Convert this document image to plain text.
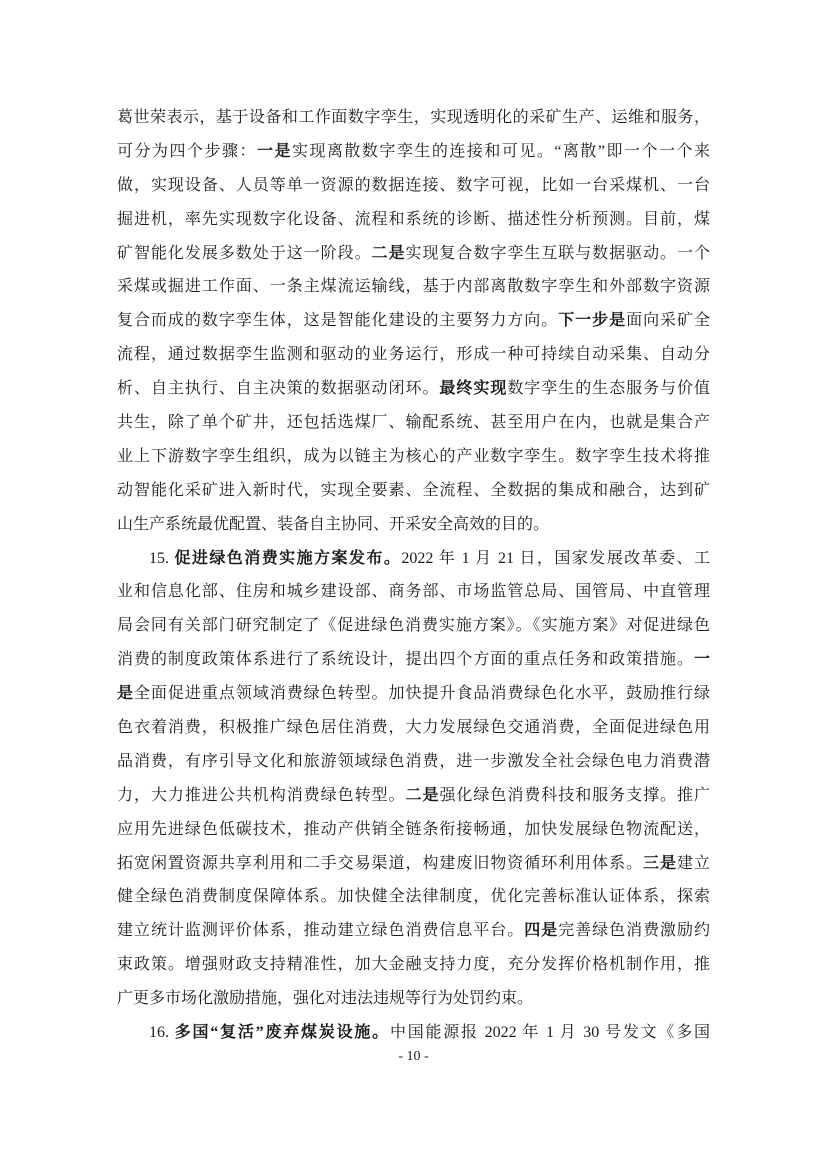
葛世荣表示，基于设备和工作面数字孪生，实现透明化的采矿生产、运维和服务，
可分为四个步骤：一是实现离散数字孪生的连接和可见。“离散”即一个一个来
做，实现设备、人员等单一资源的数据连接、数字可视，比如一台采煤机、一台
掘进机，率先实现数字化设备、流程和系统的诊断、描述性分析预测。目前，煤
矿智能化发展多数处于这一阶段。二是实现复合数字孪生互联与数据驱动。一个
采煤或掘进工作面、一条主煤流运输线，基于内部离散数字孪生和外部数字资源
复合而成的数字孪生体，这是智能化建设的主要努力方向。下一步是面向采矿全
流程，通过数据孪生监测和驱动的业务运行，形成一种可持续自动采集、自动分
析、自主执行、自主决策的数据驱动闭环。最终实现数字孪生的生态服务与价值
共生，除了单个矿井，还包括选煤厂、输配系统、甚至用户在内，也就是集合产
业上下游数字孪生组织，成为以链主为核心的产业数字孪生。数字孪生技术将推
动智能化采矿进入新时代，实现全要素、全流程、全数据的集成和融合，达到矿
山生产系统最优配置、装备自主协同、开采安全高效的目的。
15. 促进绿色消费实施方案发布。2022 年 1 月 21 日，国家发展改革委、工
业和信息化部、住房和城乡建设部、商务部、市场监管总局、国管局、中直管理
局会同有关部门研究制定了《促进绿色消费实施方案》。《实施方案》对促进绿色
消费的制度政策体系进行了系统设计，提出四个方面的重点任务和政策措施。一
是全面促进重点领域消费绿色转型。加快提升食品消费绿色化水平，鼓励推行绿
色衣着消费，积极推广绿色居住消费，大力发展绿色交通消费，全面促进绿色用
品消费，有序引导文化和旅游领域绿色消费，进一步激发全社会绿色电力消费潜
力，大力推进公共机构消费绿色转型。二是强化绿色消费科技和服务支撑。推广
应用先进绿色低碳技术，推动产供销全链条衔接畅通，加快发展绿色物流配送，
拓宽闲置资源共享利用和二手交易渠道，构建废旧物资循环利用体系。三是建立
健全绿色消费制度保障体系。加快健全法律制度，优化完善标准认证体系，探索
建立统计监测评价体系，推动建立绿色消费信息平台。四是完善绿色消费激励约
束政策。增强财政支持精准性，加大金融支持力度，充分发挥价格机制作用，推
广更多市场化激励措施，强化对违法违规等行为处罚约束。
16. 多国“复活”废弃煤炭设施。中国能源报 2022 年 1 月 30 号发文《多国
- 10 -
